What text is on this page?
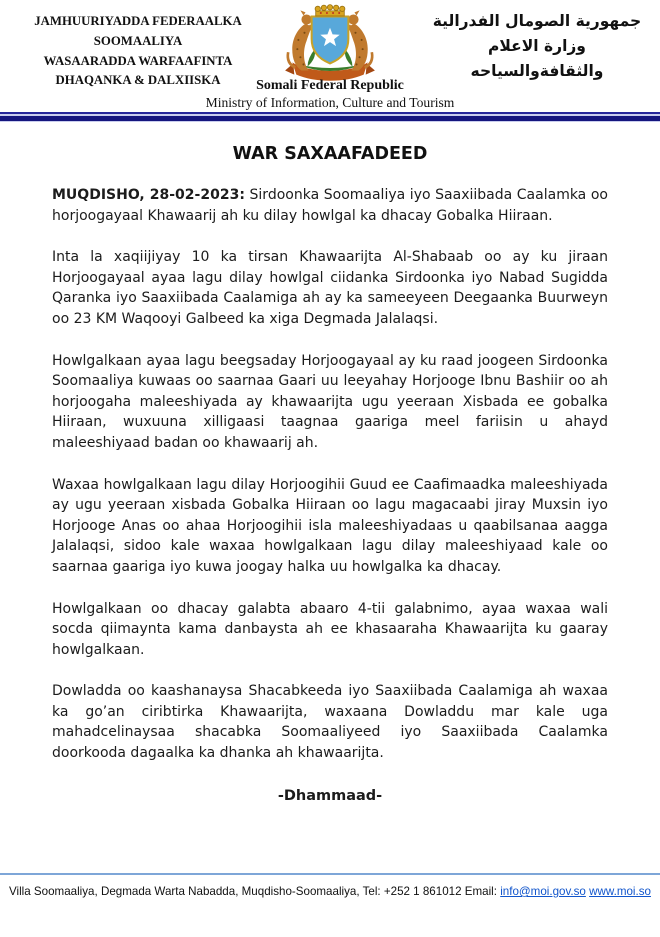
JAMHUURIYADDA FEDERAALKA
SOOMAALIYA
WASAARADDA WARFAAFINTA
DHAQANKA & DALXIISKA	Somali Federal Republic
Ministry of Information, Culture and Tourism
جمهورية الصومال الفدرالية
وزارة الاعلام
والثقافةوالسياحه
WAR SAXAAFADEED

MUQDISHO, 28-02-2023: Sirdoonka Soomaaliya iyo Saaxiibada Caalamka oo horjoogayaal Khawaarij ah ku dilay howlgal ka dhacay Gobalka Hiiraan.

Inta la xaqiijiyay 10 ka tirsan Khawaarijta Al-Shabaab oo ay ku jiraan Horjoogayaal ayaa lagu dilay howlgal ciidanka Sirdoonka iyo Nabad Sugidda Qaranka iyo Saaxiibada Caalamiga ah ay ka sameeyeen Deegaanka Buurweyn oo 23 KM Waqooyi Galbeed ka xiga Degmada Jalalaqsi.

Howlgalkaan ayaa lagu beegsaday Horjoogayaal ay ku raad joogeen Sirdoonka Soomaaliya kuwaas oo saarnaa Gaari uu leeyahay Horjooge Ibnu Bashiir oo ah horjoogaha maleeshiyada ay khawaarijta ugu yeeraan Xisbada ee gobalka Hiiraan, wuxuuna xilligaasi taagnaa gaariga meel fariisin u ahayd maleeshiyaad badan oo khawaarij ah.

Waxaa howlgalkaan lagu dilay Horjoogihii Guud ee Caafimaadka maleeshiyada ay ugu yeeraan xisbada Gobalka Hiiraan oo lagu magacaabi jiray Muxsin iyo Horjooge Anas oo ahaa Horjoogihii isla maleeshiyadaas u qaabilsanaa aagga Jalalaqsi, sidoo kale waxaa howlgalkaan lagu dilay maleeshiyaad kale oo saarnaa gaariga iyo kuwa joogay halka uu howlgalka ka dhacay.

Howlgalkaan oo dhacay galabta abaaro 4-tii galabnimo, ayaa waxaa wali socda qiimaynta kama danbaysta ah ee khasaaraha Khawaarijta ku gaaray howlgalkaan.

Dowladda oo kaashanaysa Shacabkeeda iyo Saaxiibada Caalamiga ah waxaa ka go’an ciribtirka Khawaarijta, waxaana Dowladdu mar kale uga mahadcelinaysaa shacabka Soomaaliyeed iyo Saaxiibada Caalamka doorkooda dagaalka ka dhanka ah khawaarijta.

-Dhammaad-
Villa Soomaaliya, Degmada Warta Nabadda, Muqdisho-Soomaaliya, Tel: +252 1 861012 Email: info@moi.gov.so www.moi.so
